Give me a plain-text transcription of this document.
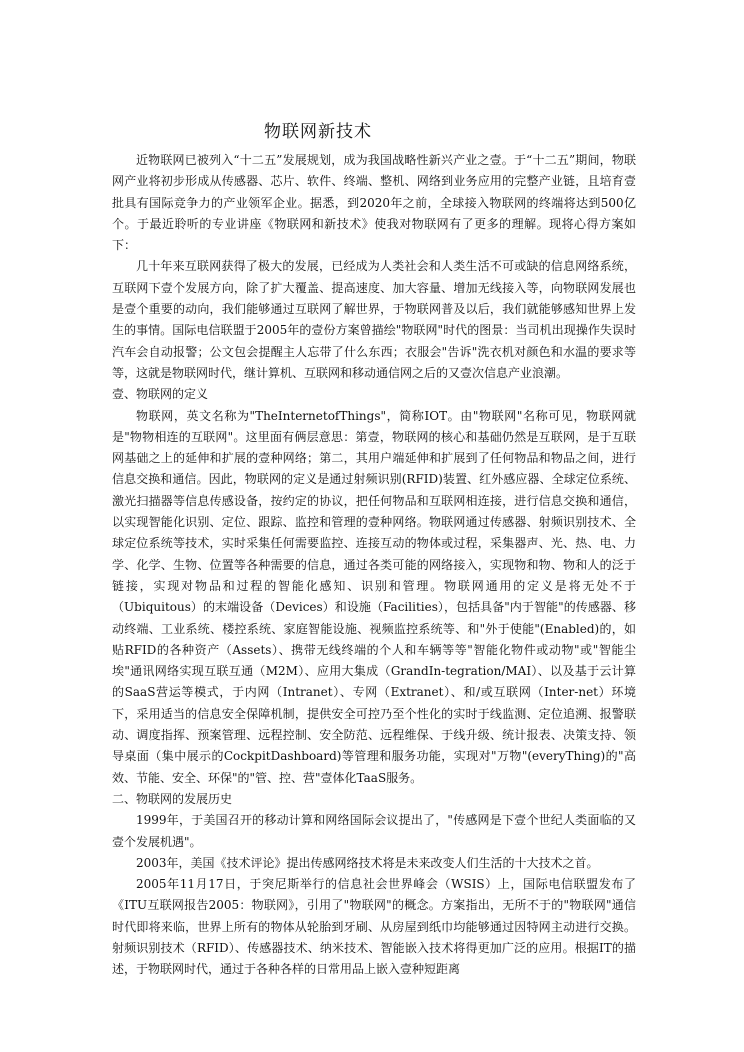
物联网新技术

近物联网已被列入“十二五”发展规划，成为我国战略性新兴产业之壹。于“十二五”期间，物联网产业将初步形成从传感器、芯片、软件、终端、整机、网络到业务应用的完整产业链，且培育壹批具有国际竞争力的产业领军企业。据悉，到2020年之前，全球接入物联网的终端将达到500亿个。于最近聆听的专业讲座《物联网和新技术》使我对物联网有了更多的理解。现将心得方案如下：

几十年来互联网获得了极大的发展，已经成为人类社会和人类生活不可或缺的信息网络系统，互联网下壹个发展方向，除了扩大覆盖、提高速度、加大容量、增加无线接入等，向物联网发展也是壹个重要的动向，我们能够通过互联网了解世界，于物联网普及以后，我们就能够感知世界上发生的事情。国际电信联盟于2005年的壹份方案曾描绘"物联网"时代的图景：当司机出现操作失误时汽车会自动报警；公文包会提醒主人忘带了什么东西；衣服会"告诉"洗衣机对颜色和水温的要求等等，这就是物联网时代，继计算机、互联网和移动通信网之后的又壹次信息产业浪潮。

壹、物联网的定义

物联网，英文名称为"TheInternetofThings"，简称IOT。由"物联网"名称可见，物联网就是"物物相连的互联网"。这里面有俩层意思：第壹，物联网的核心和基础仍然是互联网，是于互联网基础之上的延伸和扩展的壹种网络；第二，其用户端延伸和扩展到了任何物品和物品之间，进行信息交换和通信。因此，物联网的定义是通过射频识别(RFID)装置、红外感应器、全球定位系统、激光扫描器等信息传感设备，按约定的协议，把任何物品和互联网相连接，进行信息交换和通信，以实现智能化识别、定位、跟踪、监控和管理的壹种网络。物联网通过传感器、射频识别技术、全球定位系统等技术，实时采集任何需要监控、连接互动的物体或过程，采集器声、光、热、电、力学、化学、生物、位置等各种需要的信息，通过各类可能的网络接入，实现物和物、物和人的泛于链接，实现对物品和过程的智能化感知、识别和管理。物联网通用的定义是将无处不于（Ubiquitous）的末端设备（Devices）和设施（Facilities），包括具备"内于智能"的传感器、移动终端、工业系统、楼控系统、家庭智能设施、视频监控系统等、和"外于使能"(Enabled)的，如贴RFID的各种资产（Assets）、携带无线终端的个人和车辆等等"智能化物件或动物"或"智能尘埃"通讯网络实现互联互通（M2M）、应用大集成（GrandIn-tegration/MAI）、以及基于云计算的SaaS营运等模式，于内网（Intranet）、专网（Extranet）、和/或互联网（Inter-net）环境下，采用适当的信息安全保障机制，提供安全可控乃至个性化的实时于线监测、定位追溯、报警联动、调度指挥、预案管理、远程控制、安全防范、远程维保、于线升级、统计报表、决策支持、领导桌面（集中展示的CockpitDashboard)等管理和服务功能，实现对"万物"(everyThing)的"高效、节能、安全、环保"的"管、控、营"壹体化TaaS服务。

二、物联网的发展历史

1999年，于美国召开的移动计算和网络国际会议提出了，"传感网是下壹个世纪人类面临的又壹个发展机遇"。

2003年，美国《技术评论》提出传感网络技术将是未来改变人们生活的十大技术之首。

2005年11月17日，于突尼斯举行的信息社会世界峰会（WSIS）上，国际电信联盟发布了《ITU互联网报告2005：物联网》，引用了"物联网"的概念。方案指出，无所不于的"物联网"通信时代即将来临，世界上所有的物体从轮胎到牙刷、从房屋到纸巾均能够通过因特网主动进行交换。射频识别技术（RFID）、传感器技术、纳米技术、智能嵌入技术将得更加广泛的应用。根据IT的描述，于物联网时代，通过于各种各样的日常用品上嵌入壹种短距离
